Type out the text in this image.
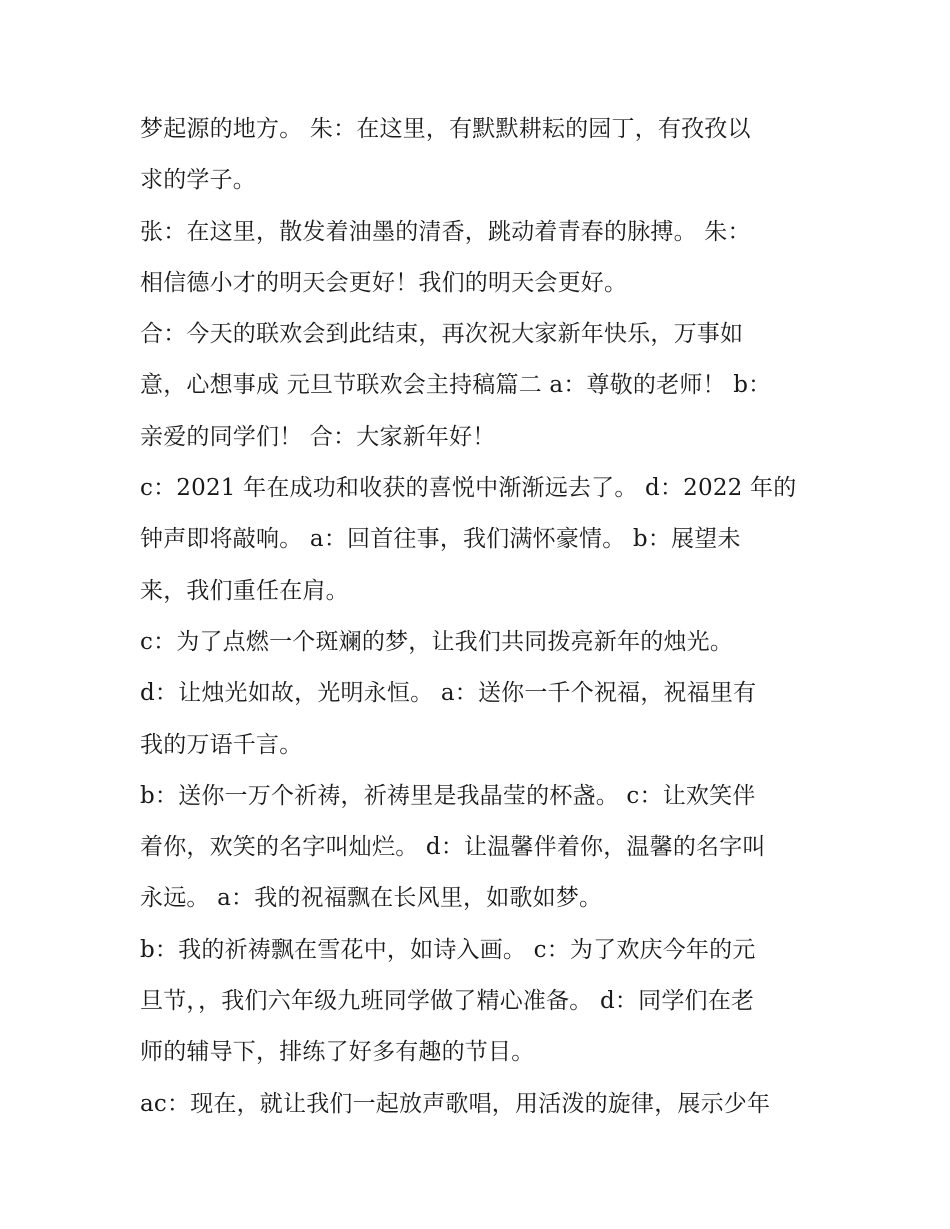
梦起源的地方。 朱：在这里，有默默耕耘的园丁，有孜孜以
求的学子。
张：在这里，散发着油墨的清香，跳动着青春的脉搏。 朱：
相信德小才的明天会更好！我们的明天会更好。
合：今天的联欢会到此结束，再次祝大家新年快乐，万事如
意，心想事成 元旦节联欢会主持稿篇二 a：尊敬的老师！ b：
亲爱的同学们！ 合：大家新年好！
c：2021 年在成功和收获的喜悦中渐渐远去了。 d：2022 年的
钟声即将敲响。 a：回首往事，我们满怀豪情。 b：展望未
来，我们重任在肩。
c：为了点燃一个斑斓的梦，让我们共同拨亮新年的烛光。
d：让烛光如故，光明永恒。 a：送你一千个祝福，祝福里有
我的万语千言。
b：送你一万个祈祷，祈祷里是我晶莹的杯盏。 c：让欢笑伴
着你，欢笑的名字叫灿烂。 d：让温馨伴着你，温馨的名字叫
永远。 a：我的祝福飘在长风里，如歌如梦。
b：我的祈祷飘在雪花中，如诗入画。 c：为了欢庆今年的元
旦节，，我们六年级九班同学做了精心准备。 d：同学们在老
师的辅导下，排练了好多有趣的节目。
ac：现在，就让我们一起放声歌唱，用活泼的旋律，展示少年
